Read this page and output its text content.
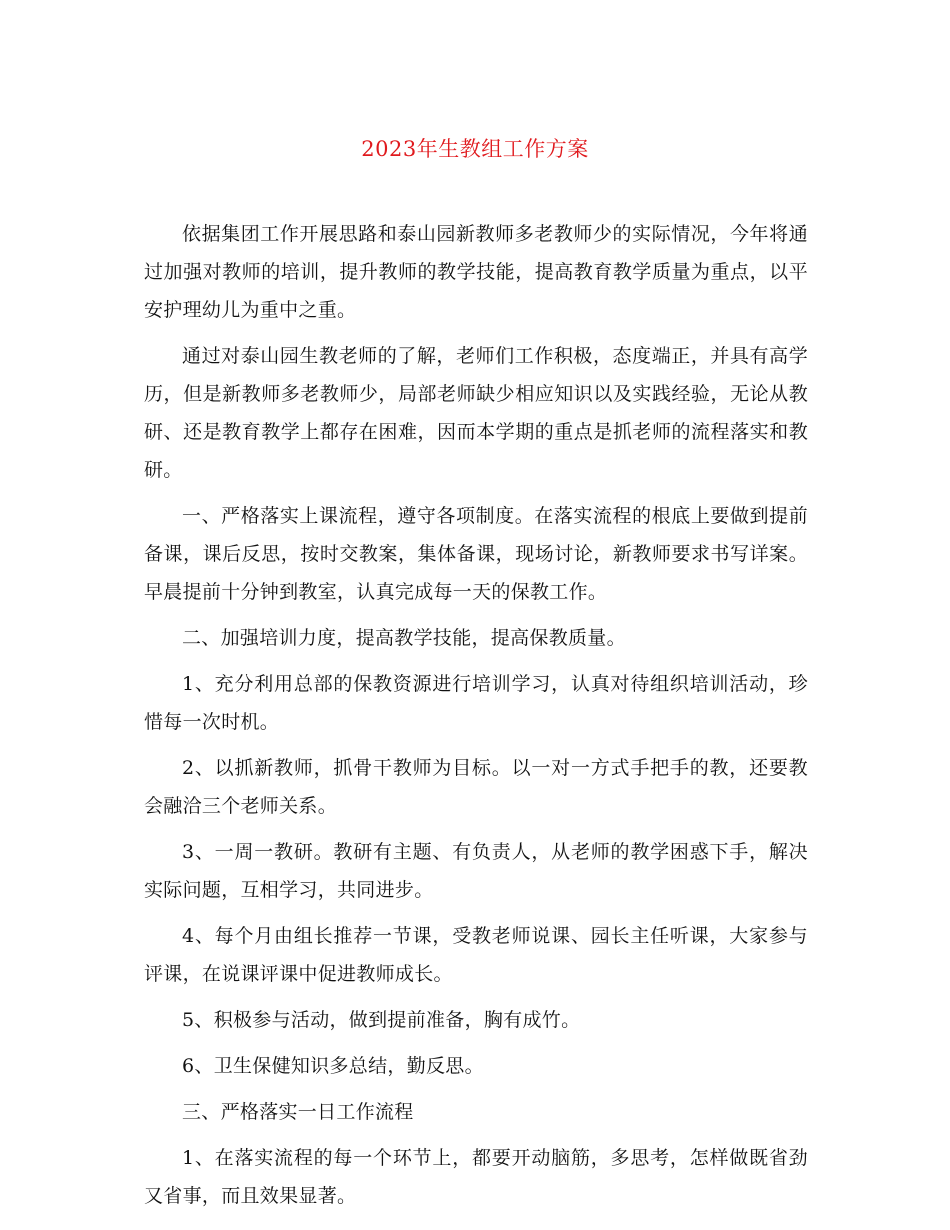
2023年生教组工作方案

依据集团工作开展思路和泰山园新教师多老教师少的实际情况，今年将通过加强对教师的培训，提升教师的教学技能，提高教育教学质量为重点，以平安护理幼儿为重中之重。

通过对泰山园生教老师的了解，老师们工作积极，态度端正，并具有高学历，但是新教师多老教师少，局部老师缺少相应知识以及实践经验，无论从教研、还是教育教学上都存在困难，因而本学期的重点是抓老师的流程落实和教研。

一、严格落实上课流程，遵守各项制度。在落实流程的根底上要做到提前备课，课后反思，按时交教案，集体备课，现场讨论，新教师要求书写详案。早晨提前十分钟到教室，认真完成每一天的保教工作。

二、加强培训力度，提高教学技能，提高保教质量。

1、充分利用总部的保教资源进行培训学习，认真对待组织培训活动，珍惜每一次时机。

2、以抓新教师，抓骨干教师为目标。以一对一方式手把手的教，还要教会融洽三个老师关系。

3、一周一教研。教研有主题、有负责人，从老师的教学困惑下手，解决实际问题，互相学习，共同进步。

4、每个月由组长推荐一节课，受教老师说课、园长主任听课，大家参与评课，在说课评课中促进教师成长。

5、积极参与活动，做到提前准备，胸有成竹。

6、卫生保健知识多总结，勤反思。

三、严格落实一日工作流程

1、在落实流程的每一个环节上，都要开动脑筋，多思考，怎样做既省劲又省事，而且效果显著。
